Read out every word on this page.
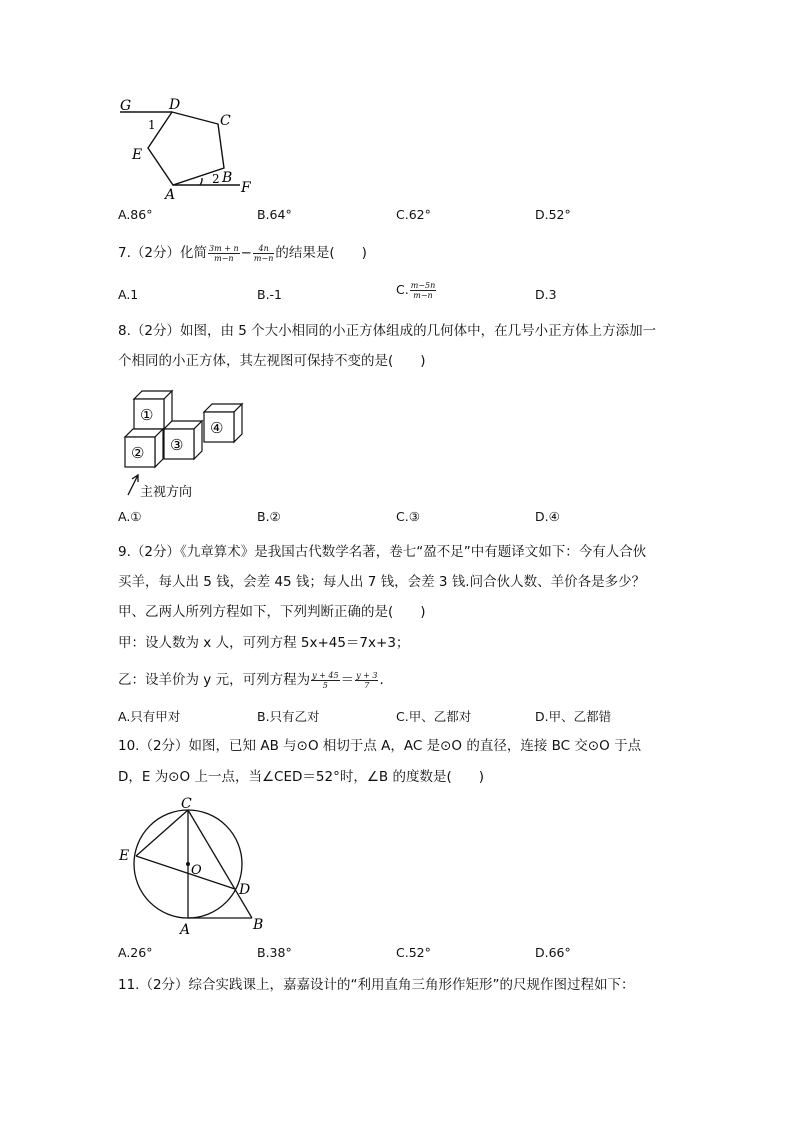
G	D
C
1
E
2 B
A	F
A.86°	B.64°	C.62°	D.52°
7.（2分）化简 $\frac{3m + n}{m-n} - \frac{4n}{m-n}$ 的结果是(　　)
A.1	B.-1	C. $\frac{m-5n}{m-n}$	D.3
8.（2分）如图，由 5 个大小相同的小正方体组成的几何体中，在几号小正方体上方添加一
个相同的小正方体，其左视图可保持不变的是(　　)
①
② ③
④
主视方向
A.①	B.②	C.③	D.④
9.（2分）《九章算术》是我国古代数学名著，卷七“盈不足”中有题译文如下：今有人合伙
买羊，每人出 5 钱，会差 45 钱；每人出 7 钱，会差 3 钱.问合伙人数、羊价各是多少？
甲、乙两人所列方程如下，下列判断正确的是(　　)
甲：设人数为 x 人，可列方程 5x+45＝7x+3；
乙：设羊价为 y 元，可列方程为 $\frac{y + 45}{5} = \frac{y + 3}{7}$ .
A.只有甲对	B.只有乙对	C.甲、乙都对	D.甲、乙都错
10.（2分）如图，已知 AB 与⊙O 相切于点 A，AC 是⊙O 的直径，连接 BC 交⊙O 于点
D，E 为⊙O 上一点，当∠CED＝52°时，∠B 的度数是(　　)
C
E
O
D
A	B
A.26°	B.38°	C.52°	D.66°
11.（2分）综合实践课上，嘉嘉设计的“利用直角三角形作矩形”的尺规作图过程如下：
